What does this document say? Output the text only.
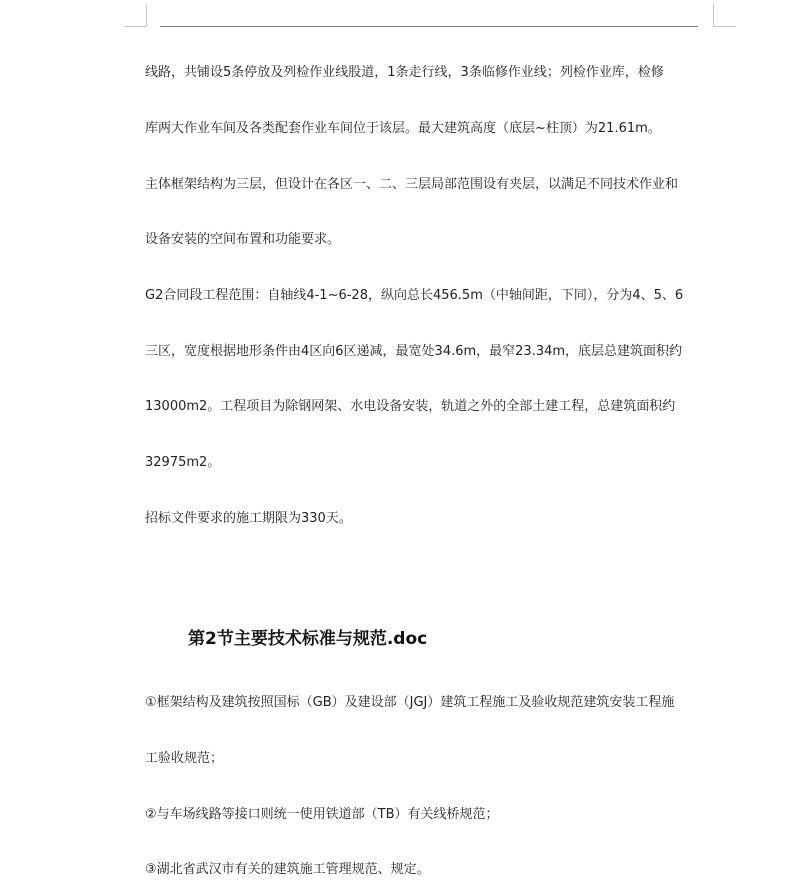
线路，共铺设5条停放及列检作业线股道，1条走行线，3条临修作业线；列检作业库，检修
库两大作业车间及各类配套作业车间位于该层。最大建筑高度（底层~柱顶）为21.61m。
主体框架结构为三层，但设计在各区一、二、三层局部范围设有夹层，以满足不同技术作业和
设备安装的空间布置和功能要求。
G2合同段工程范围：自轴线4-1~6-28，纵向总长456.5m（中轴间距，下同），分为4、5、6
三区，宽度根据地形条件由4区向6区递减，最宽处34.6m，最窄23.34m，底层总建筑面积约
13000m2。工程项目为除钢网架、水电设备安装，轨道之外的全部土建工程，总建筑面积约
32975m2。
招标文件要求的施工期限为330天。
第2节主要技术标准与规范.doc
①框架结构及建筑按照国标（GB）及建设部（JGJ）建筑工程施工及验收规范建筑安装工程施
工验收规范；
②与车场线路等接口则统一使用铁道部（TB）有关线桥规范；
③湖北省武汉市有关的建筑施工管理规范、规定。
